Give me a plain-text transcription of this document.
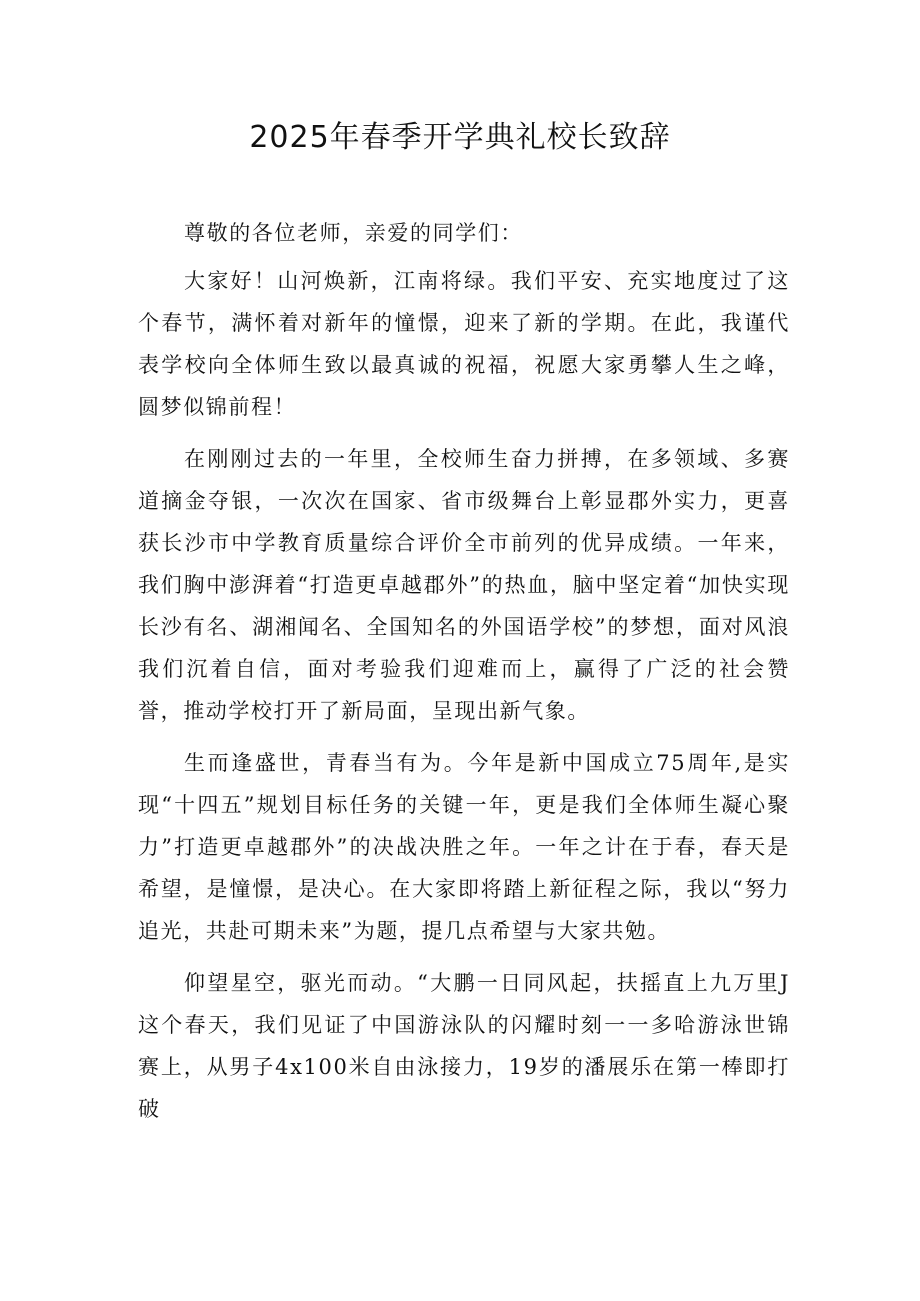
2025年春季开学典礼校长致辞

尊敬的各位老师，亲爱的同学们：

大家好！山河焕新，江南将绿。我们平安、充实地度过了这个春节，满怀着对新年的憧憬，迎来了新的学期。在此，我谨代表学校向全体师生致以最真诚的祝福，祝愿大家勇攀人生之峰，圆梦似锦前程！

在刚刚过去的一年里，全校师生奋力拼搏，在多领域、多赛道摘金夺银，一次次在国家、省市级舞台上彰显郡外实力，更喜获长沙市中学教育质量综合评价全市前列的优异成绩。一年来，我们胸中澎湃着“打造更卓越郡外”的热血，脑中坚定着“加快实现长沙有名、湖湘闻名、全国知名的外国语学校”的梦想，面对风浪我们沉着自信，面对考验我们迎难而上，赢得了广泛的社会赞誉，推动学校打开了新局面，呈现出新气象。

生而逢盛世，青春当有为。今年是新中国成立75周年,是实现“十四五”规划目标任务的关键一年，更是我们全体师生凝心聚力”打造更卓越郡外”的决战决胜之年。一年之计在于春，春天是希望，是憧憬，是决心。在大家即将踏上新征程之际，我以“努力追光，共赴可期未来”为题，提几点希望与大家共勉。

仰望星空，驱光而动。“大鹏一日同风起，扶摇直上九万里J这个春天，我们见证了中国游泳队的闪耀时刻一一多哈游泳世锦赛上，从男子4x100米自由泳接力，19岁的潘展乐在第一棒即打破
